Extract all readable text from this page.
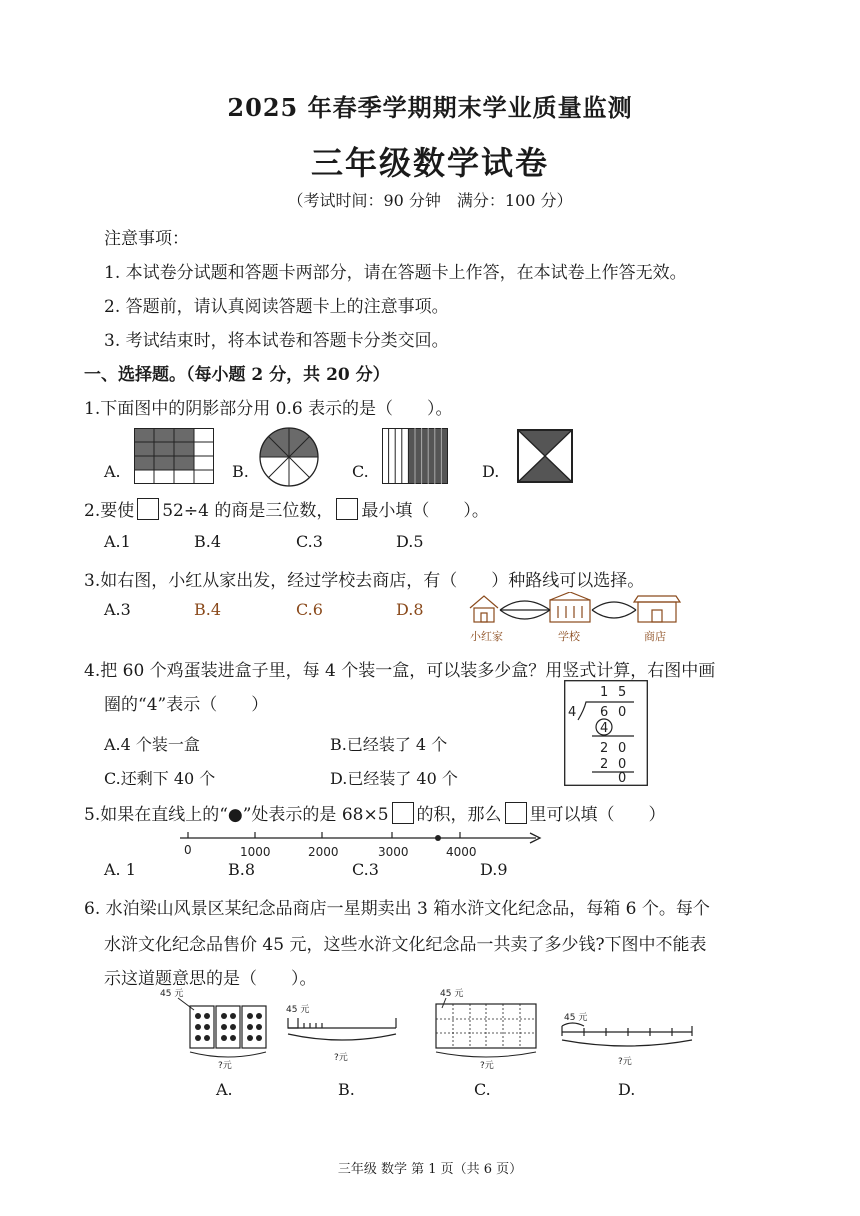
2025 年春季学期期末学业质量监测
三年级数学试卷
（考试时间：90 分钟　满分：100 分）
注意事项：
1. 本试卷分试题和答题卡两部分，请在答题卡上作答，在本试卷上作答无效。
2. 答题前，请认真阅读答题卡上的注意事项。
3. 考试结束时，将本试卷和答题卡分类交回。
一、选择题。（每小题 2 分，共 20 分）
1.下面图中的阴影部分用 0.6 表示的是（　　）。
A.	B.	C.	D.
2.要使 52÷4 的商是三位数， 最小填（　　）。
A.1	B.4	C.3	D.5
3.如右图，小红从家出发，经过学校去商店，有（　　）种路线可以选择。
A.3	B.4	C.6	D.8
小红家	学校	商店
4.把 60 个鸡蛋装进盒子里，每 4 个装一盒，可以装多少盒？用竖式计算，右图中画
圈的“4”表示（　　）
A.4 个装一盒	B.已经装了 4 个
C.还剩下 40 个	D.已经装了 40 个
1 5
4 6 0
4
2 0
2 0
0
5.如果在直线上的“●”处表示的是 68×5 的积，那么 里可以填（　　）
0	1000	2000	3000	4000
A. 1	B.8	C.3	D.9
6. 水泊梁山风景区某纪念品商店一星期卖出 3 箱水浒文化纪念品，每箱 6 个。每个
水浒文化纪念品售价 45 元，这些水浒文化纪念品一共卖了多少钱?下图中不能表
示这道题意思的是（　　）。
45 元
?元
45 元
?元
45 元
?元
45 元
?元
A.	B.	C.	D.
三年级 数学 第 1 页（共 6 页）
